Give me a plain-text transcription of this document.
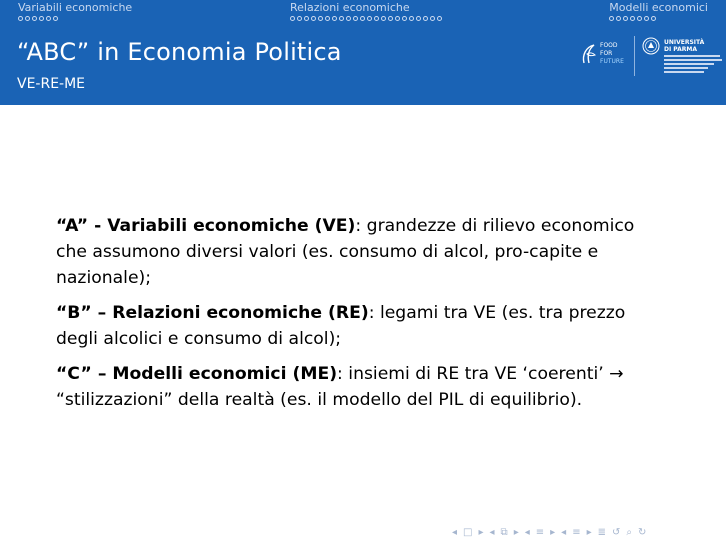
Variabili economiche	Relazioni economiche	Modelli economici
“ABC” in Economia Politica
VE-RE-ME
FOOD
FOR
FUTURE
UNIVERSITÀ
DI PARMA
“A” - Variabili economiche (VE): grandezze di rilievo economico che assumono diversi valori (es. consumo di alcol, pro-capite e nazionale);
“B” – Relazioni economiche (RE): legami tra VE (es. tra prezzo degli alcolici e consumo di alcol);
“C” – Modelli economici (ME): insiemi di RE tra VE ‘coerenti’ → “stilizzazioni” della realtà (es. il modello del PIL di equilibrio).
◂ □ ▸ ◂ ⧉ ▸ ◂ ≡ ▸ ◂ ≡ ▸ ≣ ↺ ⌕ ↻
